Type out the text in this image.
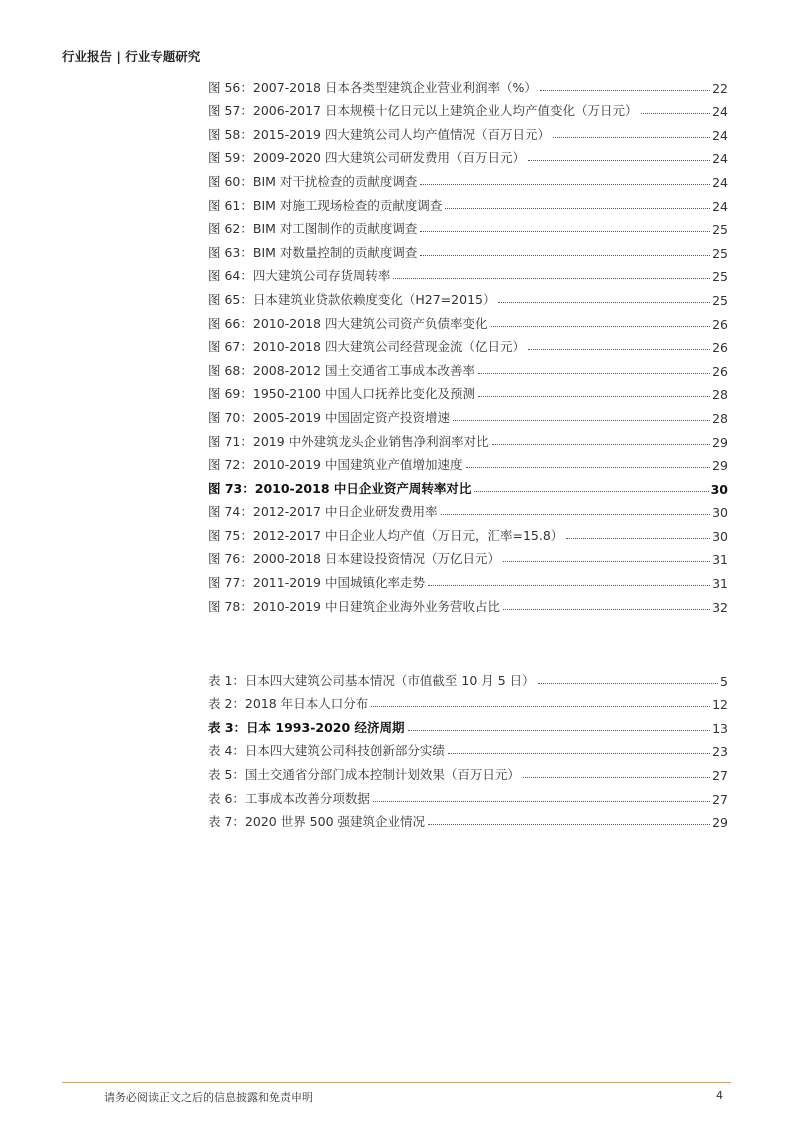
行业报告 | 行业专题研究
图 56：2007-2018 日本各类型建筑企业营业利润率（%）	22
图 57：2006-2017 日本规模十亿日元以上建筑企业人均产值变化（万日元）	24
图 58：2015-2019 四大建筑公司人均产值情况（百万日元）	24
图 59：2009-2020 四大建筑公司研发费用（百万日元）	24
图 60：BIM 对干扰检查的贡献度调查	24
图 61：BIM 对施工现场检查的贡献度调查	24
图 62：BIM 对工图制作的贡献度调查	25
图 63：BIM 对数量控制的贡献度调查	25
图 64：四大建筑公司存货周转率	25
图 65：日本建筑业贷款依赖度变化（H27=2015）	25
图 66：2010-2018 四大建筑公司资产负债率变化	26
图 67：2010-2018 四大建筑公司经营现金流（亿日元）	26
图 68：2008-2012 国土交通省工事成本改善率	26
图 69：1950-2100 中国人口抚养比变化及预测	28
图 70：2005-2019 中国固定资产投资增速	28
图 71：2019 中外建筑龙头企业销售净利润率对比	29
图 72：2010-2019 中国建筑业产值增加速度	29
图 73：2010-2018 中日企业资产周转率对比	30
图 74：2012-2017 中日企业研发费用率	30
图 75：2012-2017 中日企业人均产值（万日元，汇率=15.8）	30
图 76：2000-2018 日本建设投资情况（万亿日元）	31
图 77：2011-2019 中国城镇化率走势	31
图 78：2010-2019 中日建筑企业海外业务营收占比	32
表 1：日本四大建筑公司基本情况（市值截至 10 月 5 日）	5
表 2：2018 年日本人口分布	12
表 3：日本 1993-2020 经济周期	13
表 4：日本四大建筑公司科技创新部分实绩	23
表 5：国土交通省分部门成本控制计划效果（百万日元）	27
表 6：工事成本改善分项数据	27
表 7：2020 世界 500 强建筑企业情况	29
请务必阅读正文之后的信息披露和免责申明	4
